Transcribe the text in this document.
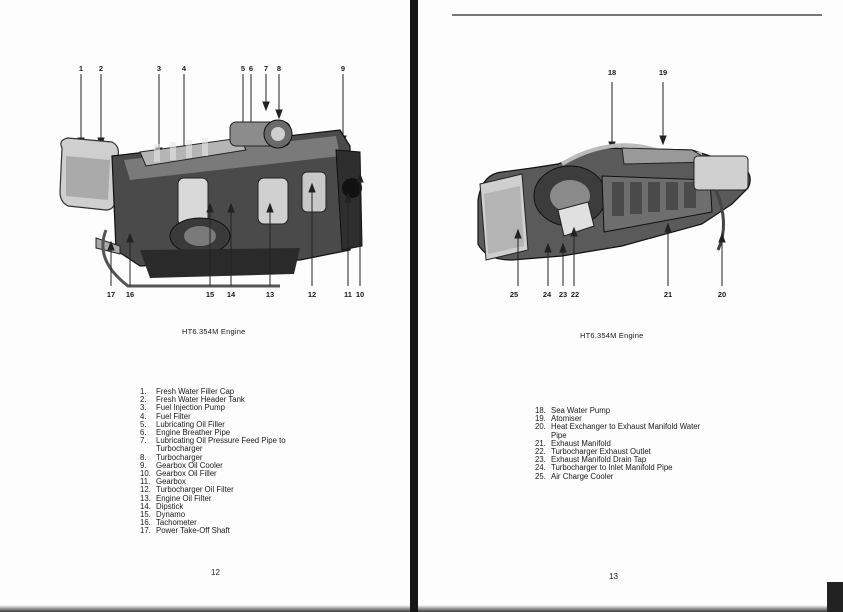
1	2	3	4	5 6	7	8	9
17	16	15	14	13	12	11 10
HT6.354M Engine
1.	Fresh Water Filler Cap
2.	Fresh Water Header Tank
3.	Fuel Injection Pump
4.	Fuel Filter
5.	Lubricating Oil Filler
6.	Engine Breather Pipe
7.	Lubricating Oil Pressure Feed Pipe to Turbocharger
8.	Turbocharger
9.	Gearbox Oil Cooler
10. Gearbox Oil Filler
11. Gearbox
12. Turbocharger Oil Filter
13. Engine Oil Filter
14. Dipstick
15. Dynamo
16. Tachometer
17. Power Take-Off Shaft
12
18	19
25	24	23 22	21	20
HT6.354M Engine
18. Sea Water Pump
19. Atomiser
20. Heat Exchanger to Exhaust Manifold Water Pipe
21. Exhaust Manifold
22. Turbocharger Exhaust Outlet
23. Exhaust Manifold Drain Tap
24. Turbocharger to Inlet Manifold Pipe
25. Air Charge Cooler
13
